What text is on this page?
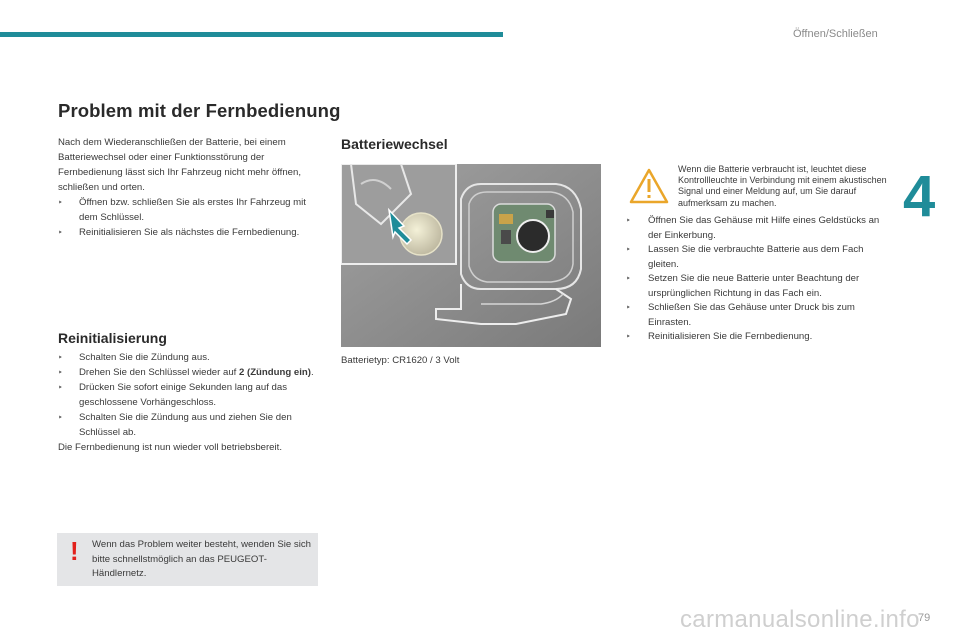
Öffnen/Schließen
4
Problem mit der Fernbedienung

Nach dem Wiederanschließen der Batterie, bei einem Batteriewechsel oder einer Funktionsstörung der Fernbedienung lässt sich Ihr Fahrzeug nicht mehr öffnen, schließen und orten.

‣ Öffnen bzw. schließen Sie als erstes Ihr Fahrzeug mit dem Schlüssel.

‣ Reinitialisieren Sie als nächstes die Fernbedienung.

Reinitialisierung

‣ Schalten Sie die Zündung aus.

‣ Drehen Sie den Schlüssel wieder auf 2 (Zündung ein).

‣ Drücken Sie sofort einige Sekunden lang auf das geschlossene Vorhängeschloss.

‣ Schalten Sie die Zündung aus und ziehen Sie den Schlüssel ab.

Die Fernbedienung ist nun wieder voll betriebsbereit.

! Wenn das Problem weiter besteht, wenden Sie sich bitte schnellstmöglich an das PEUGEOT-Händlernetz.
Batteriewechsel
Batterietyp: CR1620 / 3 Volt
Wenn die Batterie verbraucht ist, leuchtet diese Kontrollleuchte in Verbindung mit einem akustischen Signal und einer Meldung auf, um Sie darauf aufmerksam zu machen.

‣ Öffnen Sie das Gehäuse mit Hilfe eines Geldstücks an der Einkerbung.

‣ Lassen Sie die verbrauchte Batterie aus dem Fach gleiten.

‣ Setzen Sie die neue Batterie unter Beachtung der ursprünglichen Richtung in das Fach ein.

‣ Schließen Sie das Gehäuse unter Druck bis zum Einrasten.

‣ Reinitialisieren Sie die Fernbedienung.

carmanualsonline.info
79
